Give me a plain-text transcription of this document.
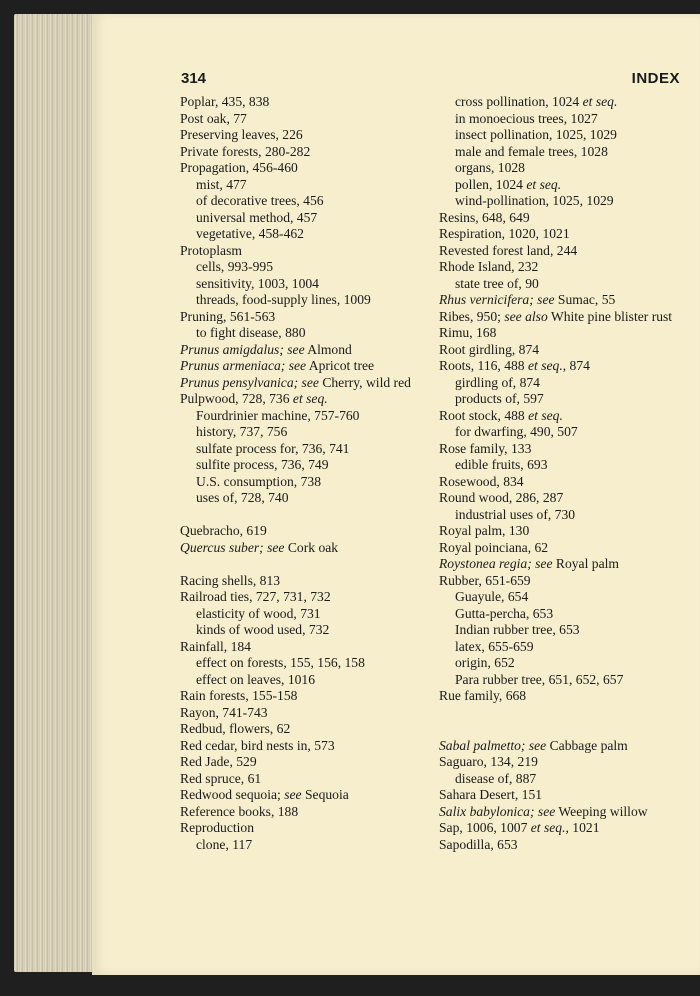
314	INDEX
Poplar, 435, 838
Post oak, 77
Preserving leaves, 226
Private forests, 280-282
Propagation, 456-460
mist, 477
of decorative trees, 456
universal method, 457
vegetative, 458-462
Protoplasm
cells, 993-995
sensitivity, 1003, 1004
threads, food-supply lines, 1009
Pruning, 561-563
to fight disease, 880
Prunus amigdalus; see Almond
Prunus armeniaca; see Apricot tree
Prunus pensylvanica; see Cherry, wild red
Pulpwood, 728, 736 et seq.
Fourdrinier machine, 757-760
history, 737, 756
sulfate process for, 736, 741
sulfite process, 736, 749
U.S. consumption, 738
uses of, 728, 740
Quebracho, 619
Quercus suber; see Cork oak
Racing shells, 813
Railroad ties, 727, 731, 732
elasticity of wood, 731
kinds of wood used, 732
Rainfall, 184
effect on forests, 155, 156, 158
effect on leaves, 1016
Rain forests, 155-158
Rayon, 741-743
Redbud, flowers, 62
Red cedar, bird nests in, 573
Red Jade, 529
Red spruce, 61
Redwood sequoia; see Sequoia
Reference books, 188
Reproduction
clone, 117
cross pollination, 1024 et seq.
in monoecious trees, 1027
insect pollination, 1025, 1029
male and female trees, 1028
organs, 1028
pollen, 1024 et seq.
wind-pollination, 1025, 1029
Resins, 648, 649
Respiration, 1020, 1021
Revested forest land, 244
Rhode Island, 232
state tree of, 90
Rhus vernicifera; see Sumac, 55
Ribes, 950; see also White pine blister rust
Rimu, 168
Root girdling, 874
Roots, 116, 488 et seq., 874
girdling of, 874
products of, 597
Root stock, 488 et seq.
for dwarfing, 490, 507
Rose family, 133
edible fruits, 693
Rosewood, 834
Round wood, 286, 287
industrial uses of, 730
Royal palm, 130
Royal poinciana, 62
Roystonea regia; see Royal palm
Rubber, 651-659
Guayule, 654
Gutta-percha, 653
Indian rubber tree, 653
latex, 655-659
origin, 652
Para rubber tree, 651, 652, 657
Rue family, 668
Sabal palmetto; see Cabbage palm
Saguaro, 134, 219
disease of, 887
Sahara Desert, 151
Salix babylonica; see Weeping willow
Sap, 1006, 1007 et seq., 1021
Sapodilla, 653
